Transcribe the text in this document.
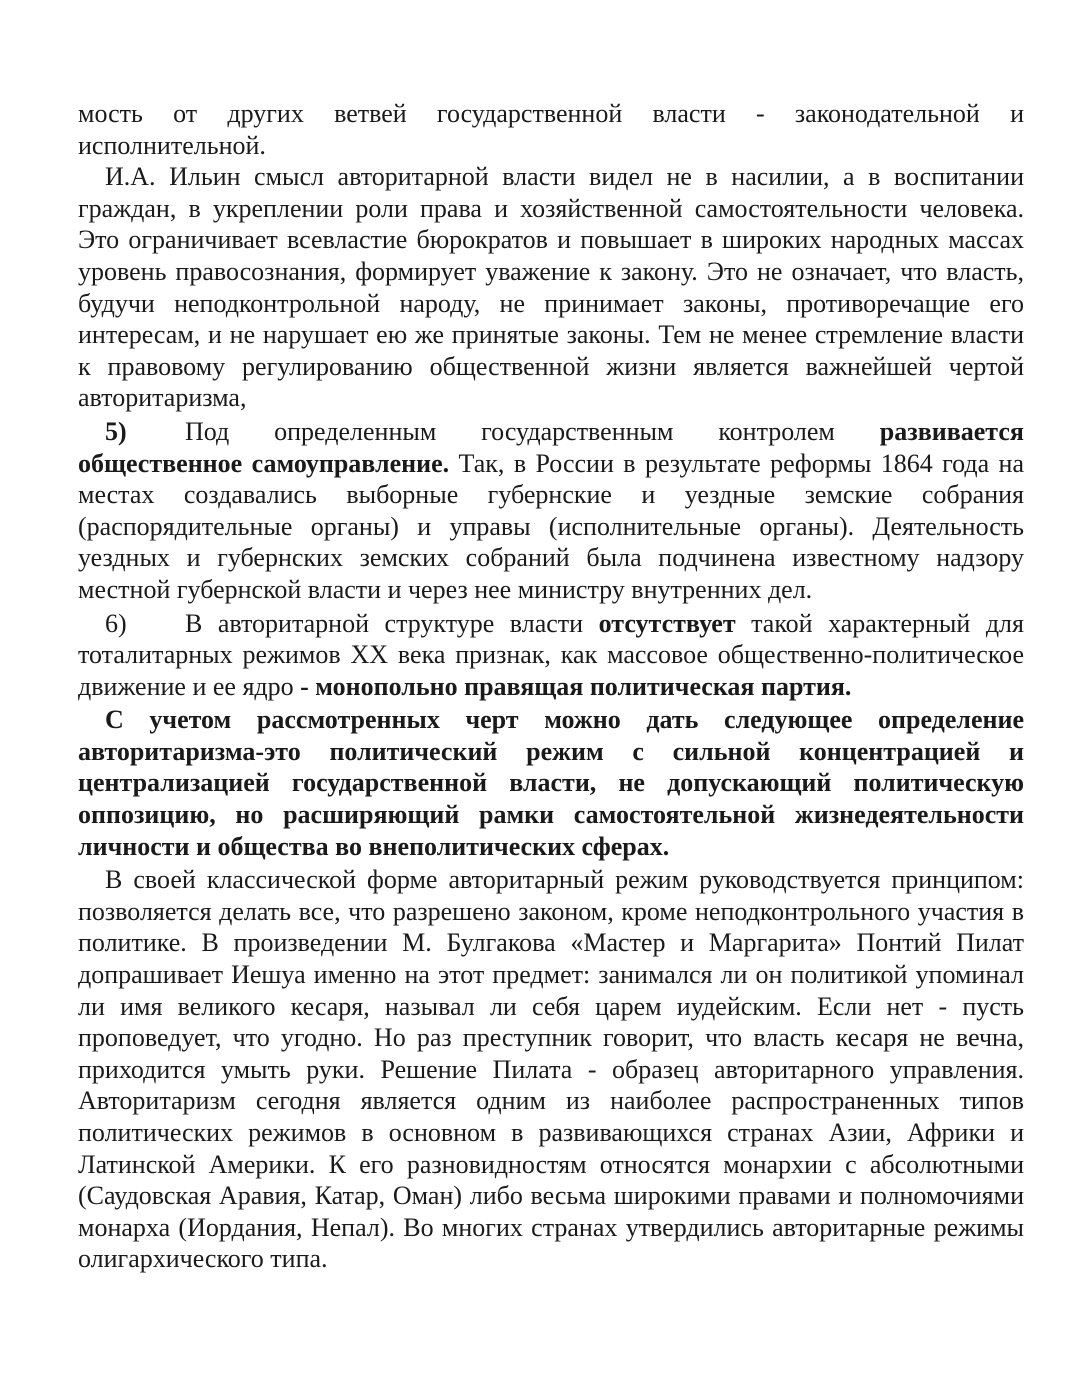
мость от других ветвей государственной власти - законодательной и исполнительной.

И.А. Ильин смысл авторитарной власти видел не в насилии, а в воспитании граждан, в укреплении роли права и хозяйственной самостоятельности человека. Это ограничивает всевластие бюрократов и повышает в широких народных массах уровень правосознания, формирует уважение к закону. Это не означает, что власть, будучи неподконтрольной народу, не принимает законы, противоречащие его интересам, и не нарушает ею же принятые законы. Тем не менее стремление власти к правовому регулированию общественной жизни является важнейшей чертой авторитаризма,

5) Под определенным государственным контролем развивается общественное самоуправление. Так, в России в результате реформы 1864 года на местах создавались выборные губернские и уездные земские собрания (распорядительные органы) и управы (исполнительные органы). Деятельность уездных и губернских земских собраний была подчинена известному надзору местной губернской власти и через нее министру внутренних дел.

6) В авторитарной структуре власти отсутствует такой характерный для тоталитарных режимов XX века признак, как массовое общественно-политическое движение и ее ядро - монопольно правящая политическая партия.

С учетом рассмотренных черт можно дать следующее определение авторитаризма-это политический режим с сильной концентрацией и централизацией государственной власти, не допускающий политическую оппозицию, но расширяющий рамки самостоятельной жизнедеятельности личности и общества во внеполитических сферах.

В своей классической форме авторитарный режим руководствуется принципом: позволяется делать все, что разрешено законом, кроме неподконтрольного участия в политике. В произведении М. Булгакова «Мастер и Маргарита» Понтий Пилат допрашивает Иешуа именно на этот предмет: занимался ли он политикой упоминал ли имя великого кесаря, называл ли себя царем иудейским. Если нет - пусть проповедует, что угодно. Но раз преступник говорит, что власть кесаря не вечна, приходится умыть руки. Решение Пилата - образец авторитарного управления. Авторитаризм сегодня является одним из наиболее распространенных типов политических режимов в основном в развивающихся странах Азии, Африки и Латинской Америки. К его разновидностям относятся монархии с абсолютными (Саудовская Аравия, Катар, Оман) либо весьма широкими правами и полномочиями монарха (Иордания, Непал). Во многих странах утвердились авторитарные режимы олигархического типа.
